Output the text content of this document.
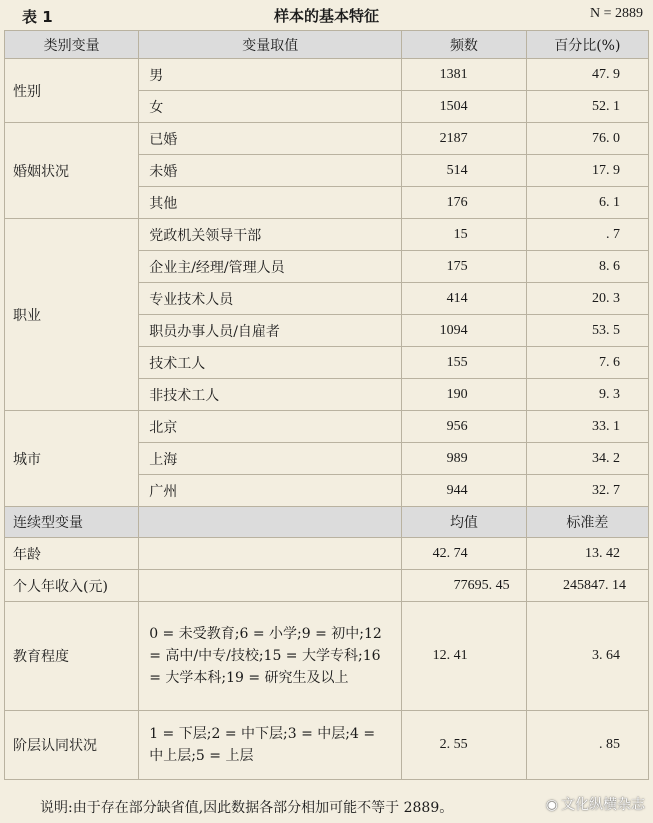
表 1	样本的基本特征	N = 2889
类别变量	变量取值	频数	百分比(%)
性别	男	1381	47. 9
	女	1504	52. 1
婚姻状况	已婚	2187	76. 0
	未婚	514	17. 9
	其他	176	6. 1
职业	党政机关领导干部	15	. 7
	企业主/经理/管理人员	175	8. 6
	专业技术人员	414	20. 3
	职员办事人员/自雇者	1094	53. 5
	技术工人	155	7. 6
	非技术工人	190	9. 3
城市	北京	956	33. 1
	上海	989	34. 2
	广州	944	32. 7
连续型变量		均值	标准差
年龄		42. 74	13. 42
个人年收入(元)		77695. 45	245847. 14
教育程度	0 = 未受教育;6 = 小学;9 = 初中;12 = 高中/中专/技校;15 = 大学专科;16 = 大学本科;19 = 研究生及以上	12. 41	3. 64
阶层认同状况	1 = 下层;2 = 中下层;3 = 中层;4 = 中上层;5 = 上层	2. 55	. 85
说明:由于存在部分缺省值,因此数据各部分相加可能不等于 2889。	◉ 文化纵横杂志
